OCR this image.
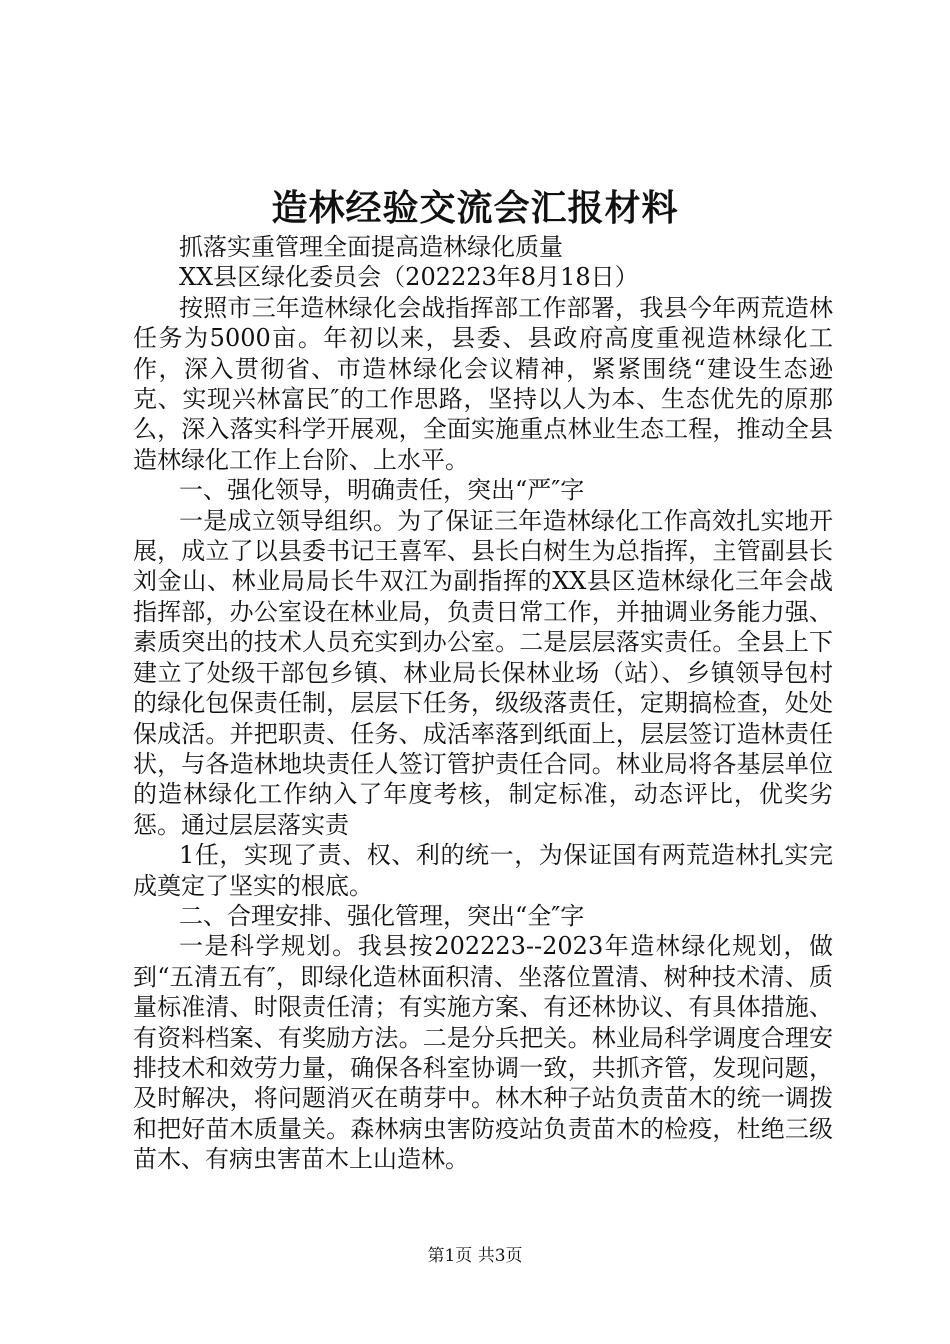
造林经验交流会汇报材料

抓落实重管理全面提高造林绿化质量

XX县区绿化委员会（202223年8月18日）

按照市三年造林绿化会战指挥部工作部署，我县今年两荒造林任务为5000亩。年初以来，县委、县政府高度重视造林绿化工作，深入贯彻省、市造林绿化会议精神，紧紧围绕“建设生态逊克、实现兴林富民″的工作思路，坚持以人为本、生态优先的原那么，深入落实科学开展观，全面实施重点林业生态工程，推动全县造林绿化工作上台阶、上水平。

一、强化领导，明确责任，突出“严″字

一是成立领导组织。为了保证三年造林绿化工作高效扎实地开展，成立了以县委书记王喜军、县长白树生为总指挥，主管副县长刘金山、林业局局长牛双江为副指挥的XX县区造林绿化三年会战指挥部，办公室设在林业局，负责日常工作，并抽调业务能力强、素质突出的技术人员充实到办公室。二是层层落实责任。全县上下建立了处级干部包乡镇、林业局长保林业场（站）、乡镇领导包村的绿化包保责任制，层层下任务，级级落责任，定期搞检查，处处保成活。并把职责、任务、成活率落到纸面上，层层签订造林责任状，与各造林地块责任人签订管护责任合同。林业局将各基层单位的造林绿化工作纳入了年度考核，制定标准，动态评比，优奖劣惩。通过层层落实责

1任，实现了责、权、利的统一，为保证国有两荒造林扎实完成奠定了坚实的根底。

二、合理安排、强化管理，突出“全″字

一是科学规划。我县按202223--2023年造林绿化规划，做到“五清五有″，即绿化造林面积清、坐落位置清、树种技术清、质量标准清、时限责任清；有实施方案、有还林协议、有具体措施、有资料档案、有奖励方法。二是分兵把关。林业局科学调度合理安排技术和效劳力量，确保各科室协调一致，共抓齐管，发现问题，及时解决，将问题消灭在萌芽中。林木种子站负责苗木的统一调拨和把好苗木质量关。森林病虫害防疫站负责苗木的检疫，杜绝三级苗木、有病虫害苗木上山造林。

第1页 共3页
